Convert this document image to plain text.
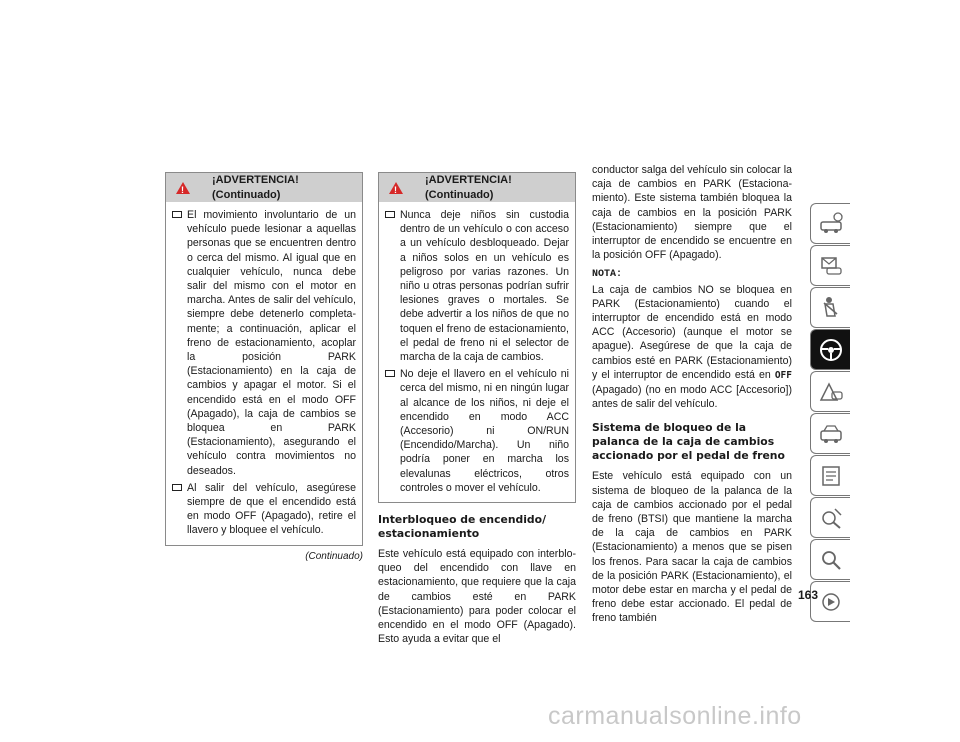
!
¡ADVERTENCIA! (Continuado)
El movimiento involuntario de un vehículo puede lesionar a aquellas personas que se encuentren dentro o cerca del mismo. Al igual que en cualquier vehículo, nunca debe salir del mismo con el motor en marcha. Antes de salir del vehículo, siempre debe detenerlo completamente; a continuación, aplicar el freno de estacionamiento, acoplar la posición PARK (Estacionamiento) en la caja de cambios y apagar el motor. Si el encendido está en el modo OFF (Apagado), la caja de cambios se bloquea en PARK (Estacionamiento), asegurando el vehículo contra movimientos no deseados.
Al salir del vehículo, asegúrese siempre de que el encendido está en modo OFF (Apagado), retire el llavero y bloquee el vehículo.
(Continuado)
!
¡ADVERTENCIA! (Continuado)
Nunca deje niños sin custodia dentro de un vehículo o con acceso a un vehículo desbloqueado. Dejar a niños solos en un vehículo es peligroso por varias razones. Un niño u otras personas podrían sufrir lesiones graves o mortales. Se debe advertir a los niños de que no toquen el freno de estacionamiento, el pedal de freno ni el selector de marcha de la caja de cambios.
No deje el llavero en el vehículo ni cerca del mismo, ni en ningún lugar al alcance de los niños, ni deje el encendido en modo ACC (Accesorio) ni ON/RUN (Encendido/Marcha). Un niño podría poner en marcha los elevalunas eléctricos, otros controles o mover el vehículo.
Interbloqueo de encendido/ estacionamiento

Este vehículo está equipado con interbloqueo del encendido con llave en estacionamiento, que requiere que la caja de cambios esté en PARK (Estacionamiento) para poder colocar el encendido en el modo OFF (Apagado). Esto ayuda a evitar que el

conductor salga del vehículo sin colocar la caja de cambios en PARK (Estacionamiento). Este sistema también bloquea la caja de cambios en la posición PARK (Estacionamiento) siempre que el interruptor de encendido se encuentre en la posición OFF (Apagado).

NOTA:

La caja de cambios NO se bloquea en PARK (Estacionamiento) cuando el interruptor de encendido está en modo ACC (Accesorio) (aunque el motor se apague). Asegúrese de que la caja de cambios esté en PARK (Estacionamiento) y el interruptor de encendido está en OFF (Apagado) (no en modo ACC [Accesorio]) antes de salir del vehículo.

Sistema de bloqueo de la palanca de la caja de cambios accionado por el pedal de freno

Este vehículo está equipado con un sistema de bloqueo de la palanca de la caja de cambios accionado por el pedal de freno (BTSI) que mantiene la marcha de la caja de cambios en PARK (Estacionamiento) a menos que se pisen los frenos. Para sacar la caja de cambios de la posición PARK (Estacionamiento), el motor debe estar en marcha y el pedal de freno debe estar accionado. El pedal de freno también

163
carmanualsonline.info
